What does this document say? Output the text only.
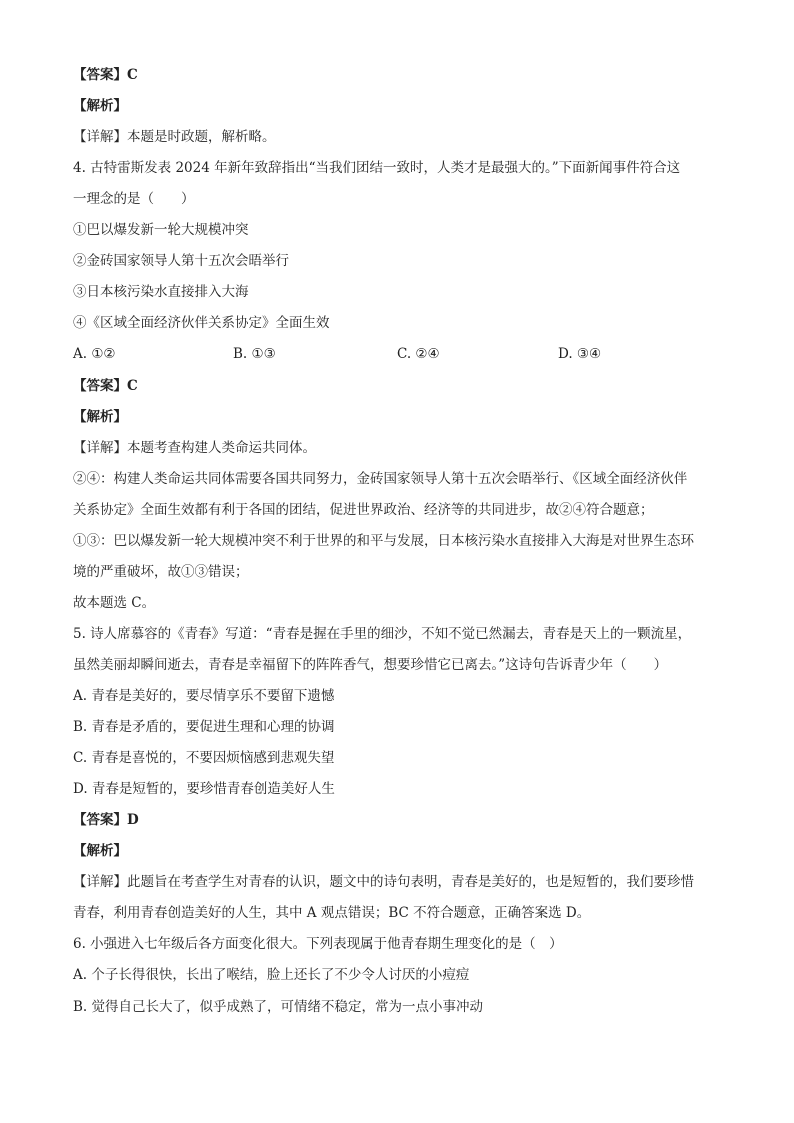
【答案】C
【解析】
【详解】本题是时政题，解析略。
4. 古特雷斯发表 2024 年新年致辞指出“当我们团结一致时，人类才是最强大的。”下面新闻事件符合这
一理念的是（　　）
①巴以爆发新一轮大规模冲突
②金砖国家领导人第十五次会晤举行
③日本核污染水直接排入大海
④《区域全面经济伙伴关系协定》全面生效
A. ①②	B. ①③	C. ②④	D. ③④
【答案】C
【解析】
【详解】本题考查构建人类命运共同体。
②④：构建人类命运共同体需要各国共同努力，金砖国家领导人第十五次会晤举行、《区域全面经济伙伴
关系协定》全面生效都有利于各国的团结，促进世界政治、经济等的共同进步，故②④符合题意；
①③：巴以爆发新一轮大规模冲突不利于世界的和平与发展，日本核污染水直接排入大海是对世界生态环
境的严重破坏，故①③错误；
故本题选 C。
5. 诗人席慕容的《青春》写道：“青春是握在手里的细沙，不知不觉已然漏去，青春是天上的一颗流星，
虽然美丽却瞬间逝去，青春是幸福留下的阵阵香气，想要珍惜它已离去。”这诗句告诉青少年（　　）
A. 青春是美好的，要尽情享乐不要留下遗憾
B. 青春是矛盾的，要促进生理和心理的协调
C. 青春是喜悦的，不要因烦恼感到悲观失望
D. 青春是短暂的，要珍惜青春创造美好人生
【答案】D
【解析】
【详解】此题旨在考查学生对青春的认识，题文中的诗句表明，青春是美好的，也是短暂的，我们要珍惜
青春，利用青春创造美好的人生，其中 A 观点错误；BC 不符合题意，正确答案选 D。
6. 小强进入七年级后各方面变化很大。下列表现属于他青春期生理变化的是（　）
A. 个子长得很快，长出了喉结，脸上还长了不少令人讨厌的小痘痘
B. 觉得自己长大了，似乎成熟了，可情绪不稳定，常为一点小事冲动
